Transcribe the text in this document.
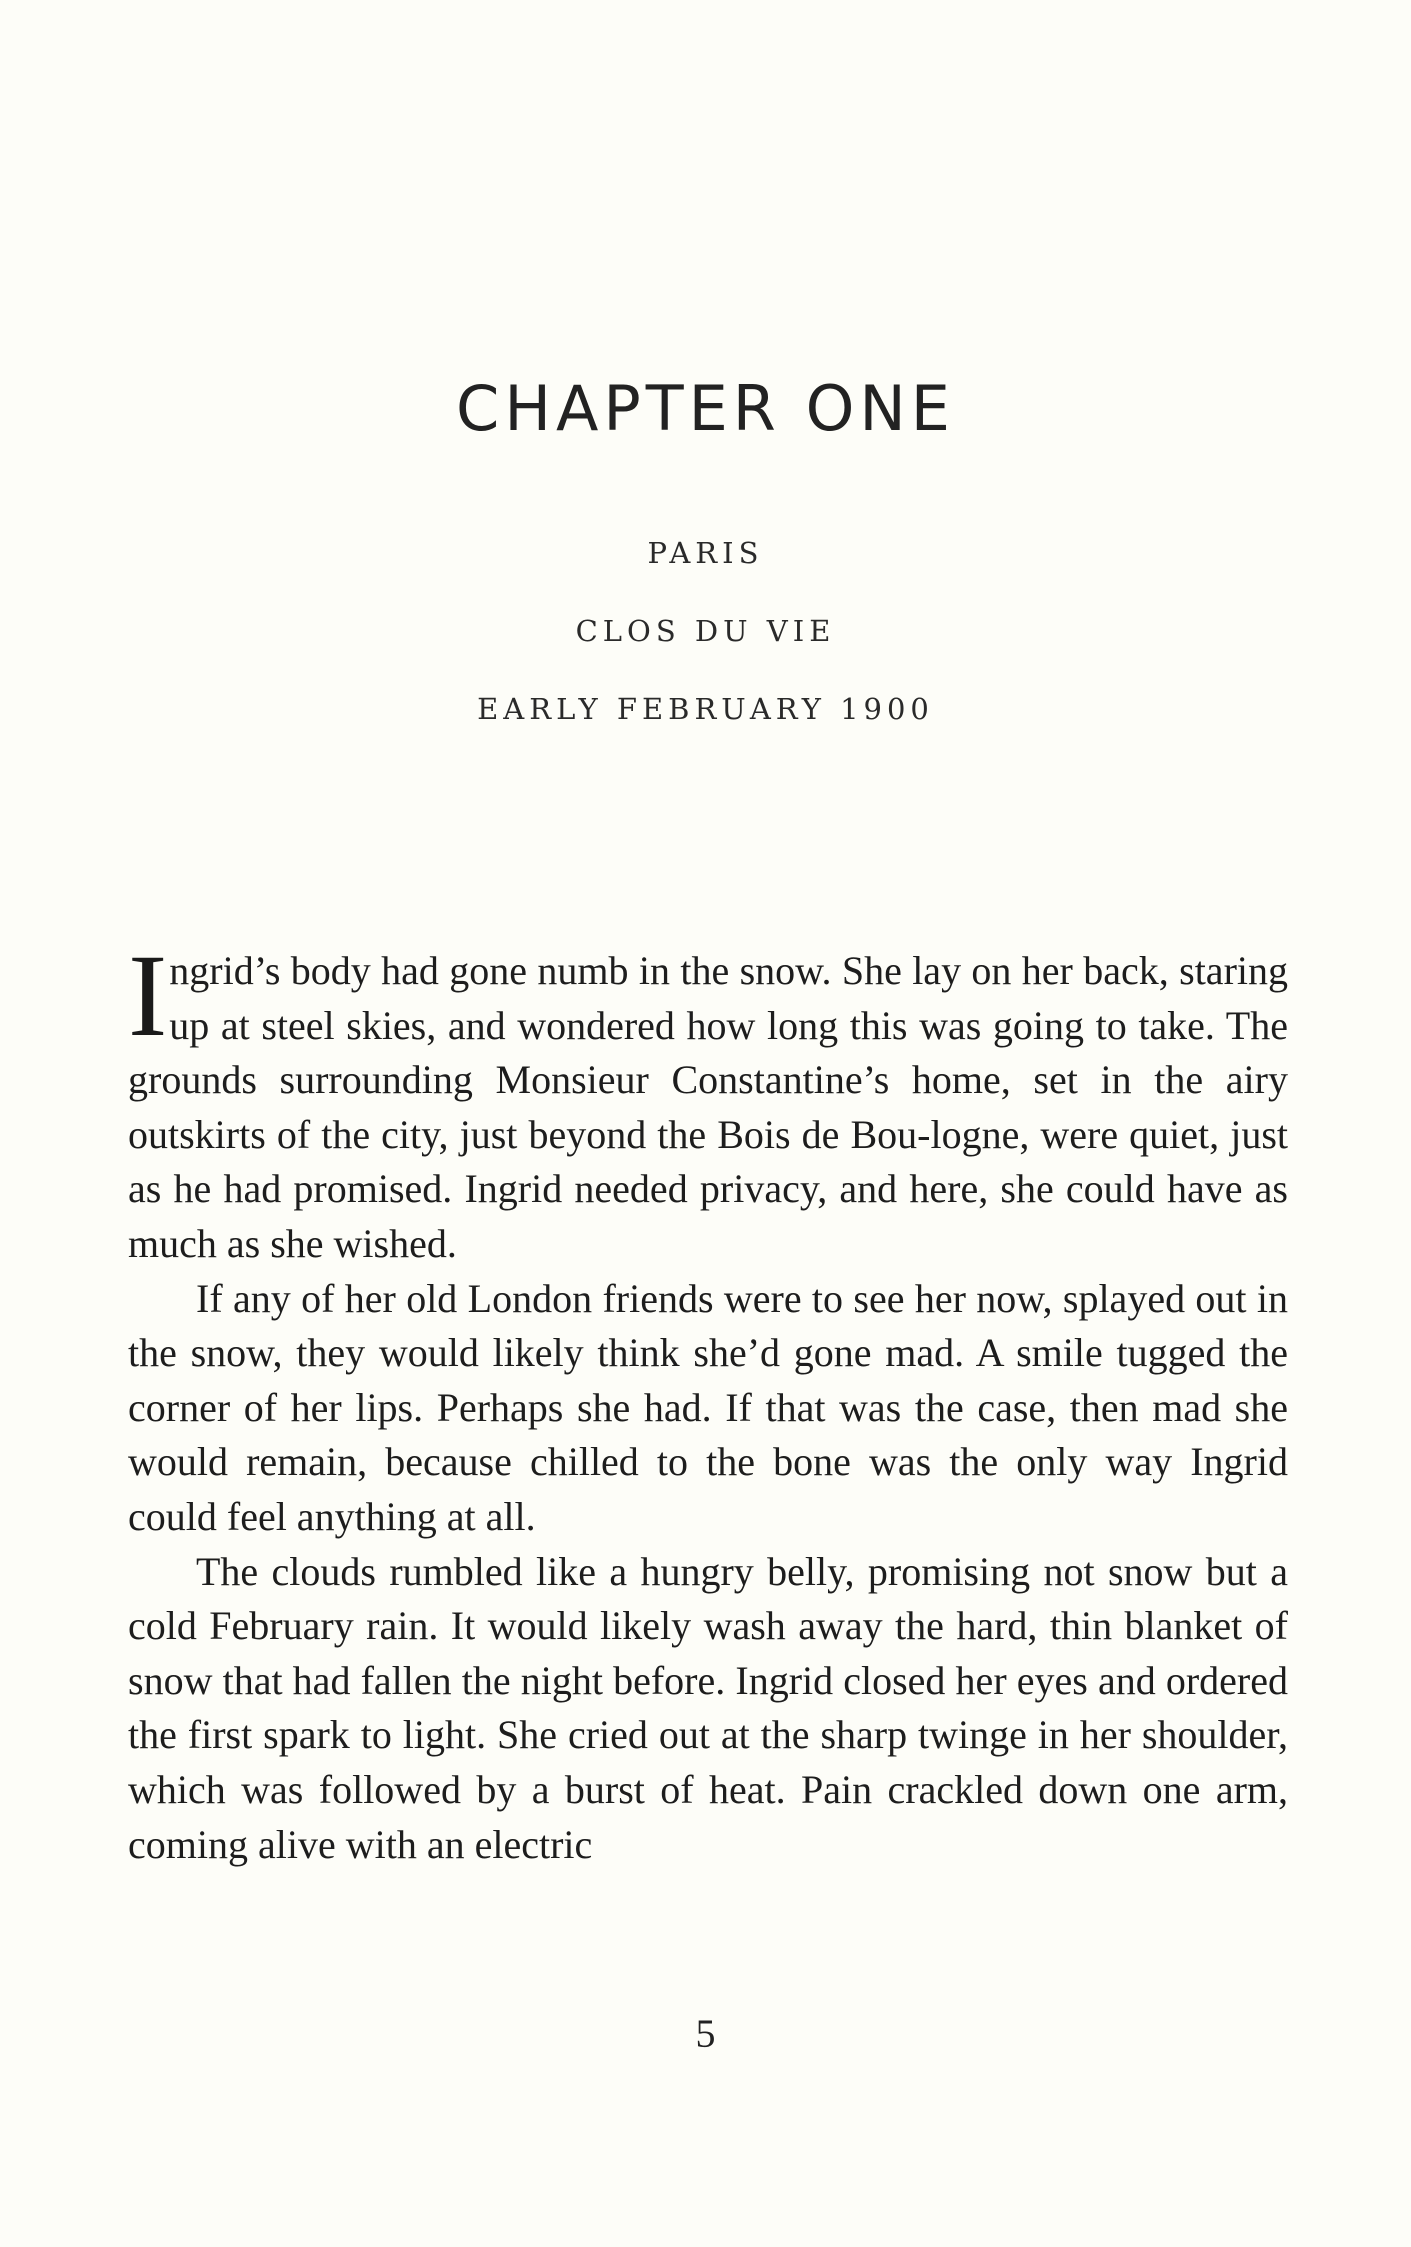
CHAPTER ONE
PARIS
CLOS DU VIE
EARLY FEBRUARY 1900

Ingrid’s body had gone numb in the snow. She lay on her back, staring up at steel skies, and wondered how long this was going to take. The grounds surrounding Monsieur Constantine’s home, set in the airy outskirts of the city, just beyond the Bois de Bou-logne, were quiet, just as he had promised. Ingrid needed privacy, and here, she could have as much as she wished.

If any of her old London friends were to see her now, splayed out in the snow, they would likely think she’d gone mad. A smile tugged the corner of her lips. Perhaps she had. If that was the case, then mad she would remain, because chilled to the bone was the only way Ingrid could feel anything at all.

The clouds rumbled like a hungry belly, promising not snow but a cold February rain. It would likely wash away the hard, thin blanket of snow that had fallen the night before. Ingrid closed her eyes and ordered the first spark to light. She cried out at the sharp twinge in her shoulder, which was followed by a burst of heat. Pain crackled down one arm, coming alive with an electric

5
